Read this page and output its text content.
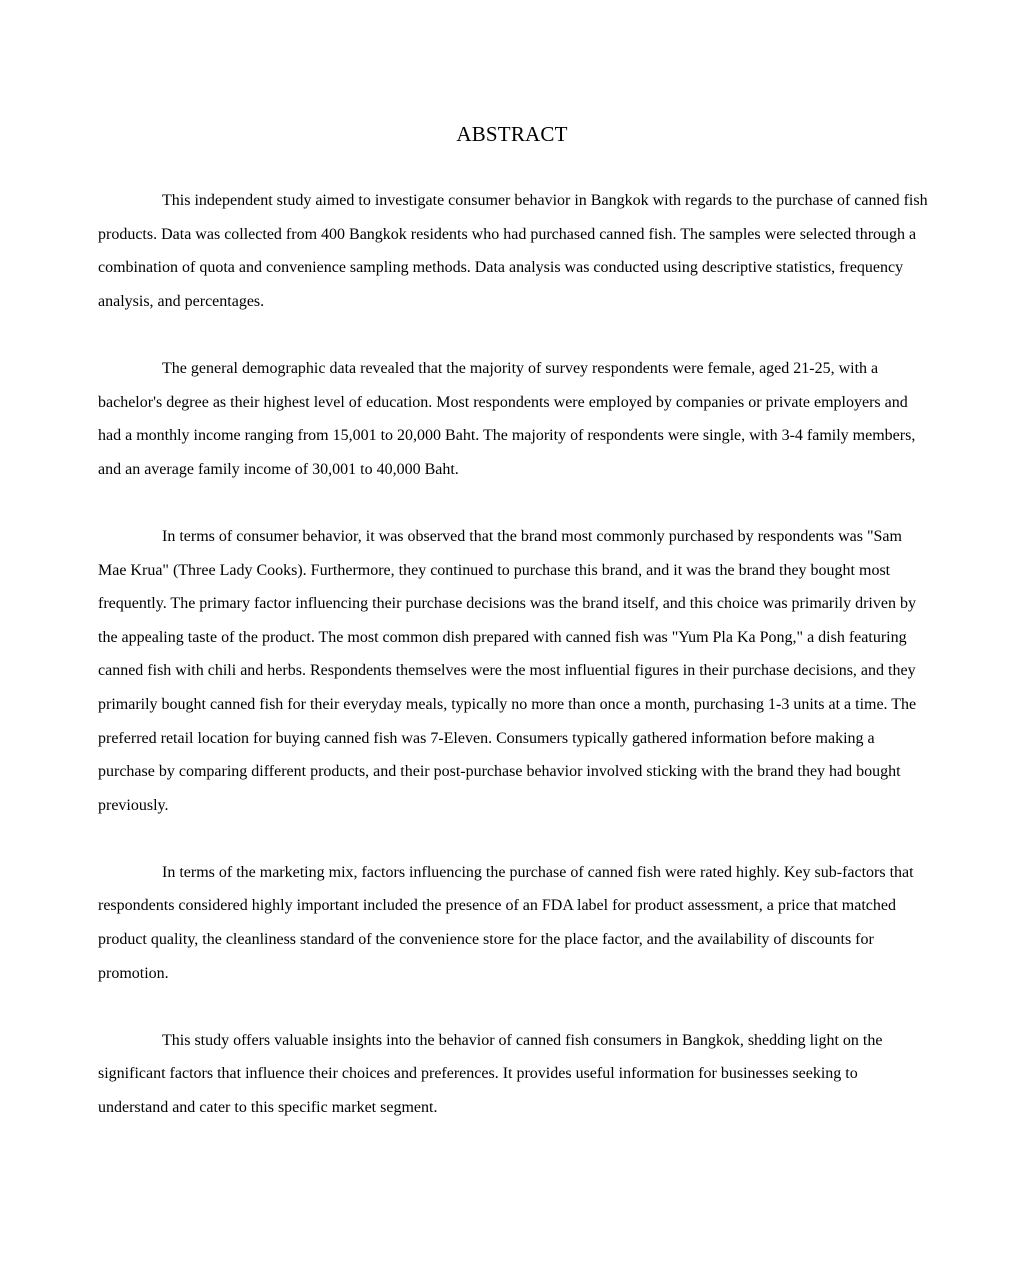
ABSTRACT

This independent study aimed to investigate consumer behavior in Bangkok with regards to the purchase of canned fish products. Data was collected from 400 Bangkok residents who had purchased canned fish. The samples were selected through a combination of quota and convenience sampling methods. Data analysis was conducted using descriptive statistics, frequency analysis, and percentages.

The general demographic data revealed that the majority of survey respondents were female, aged 21-25, with a bachelor's degree as their highest level of education. Most respondents were employed by companies or private employers and had a monthly income ranging from 15,001 to 20,000 Baht. The majority of respondents were single, with 3-4 family members, and an average family income of 30,001 to 40,000 Baht.

In terms of consumer behavior, it was observed that the brand most commonly purchased by respondents was "Sam Mae Krua" (Three Lady Cooks). Furthermore, they continued to purchase this brand, and it was the brand they bought most frequently. The primary factor influencing their purchase decisions was the brand itself, and this choice was primarily driven by the appealing taste of the product. The most common dish prepared with canned fish was "Yum Pla Ka Pong," a dish featuring canned fish with chili and herbs. Respondents themselves were the most influential figures in their purchase decisions, and they primarily bought canned fish for their everyday meals, typically no more than once a month, purchasing 1-3 units at a time. The preferred retail location for buying canned fish was 7-Eleven. Consumers typically gathered information before making a purchase by comparing different products, and their post-purchase behavior involved sticking with the brand they had bought previously.

In terms of the marketing mix, factors influencing the purchase of canned fish were rated highly. Key sub-factors that respondents considered highly important included the presence of an FDA label for product assessment, a price that matched product quality, the cleanliness standard of the convenience store for the place factor, and the availability of discounts for promotion.

This study offers valuable insights into the behavior of canned fish consumers in Bangkok, shedding light on the significant factors that influence their choices and preferences. It provides useful information for businesses seeking to understand and cater to this specific market segment.
